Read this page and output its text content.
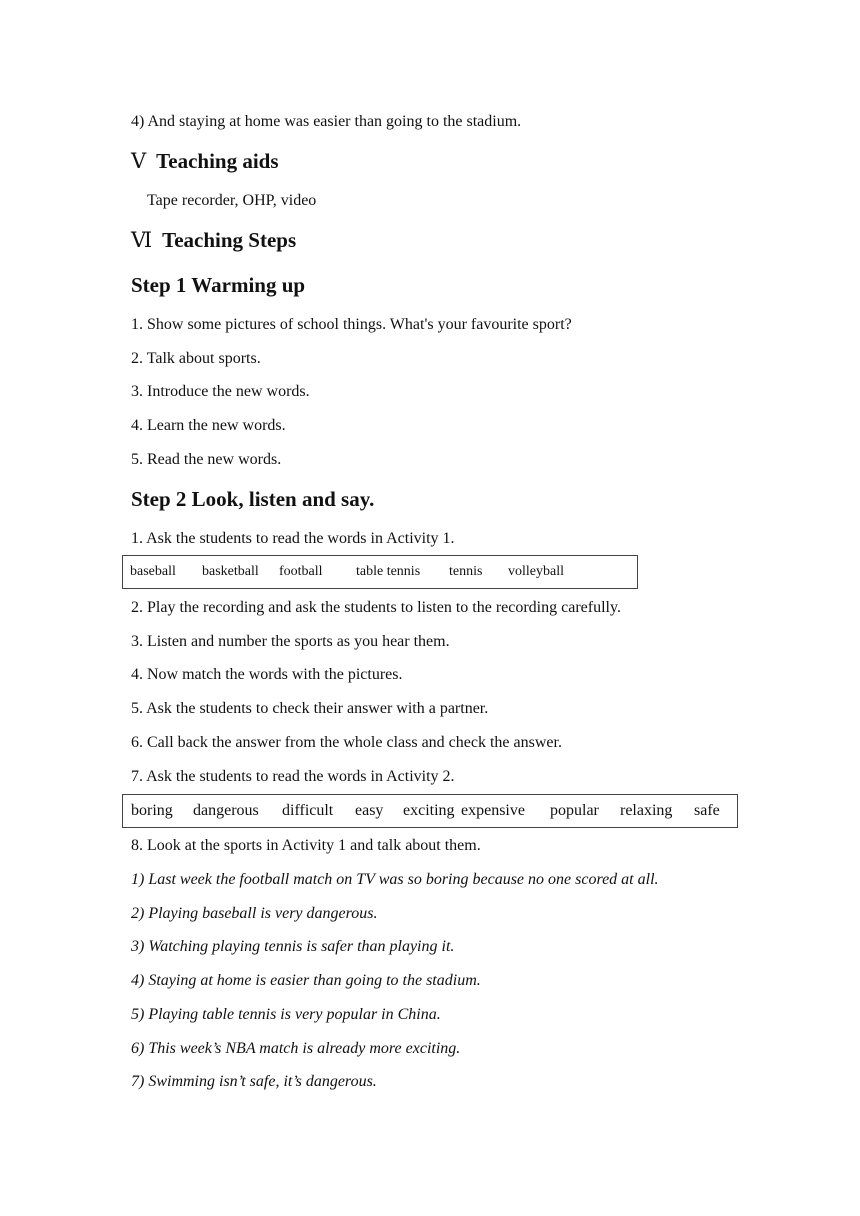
4) And staying at home was easier than going to the stadium.
Ⅴ Teaching aids
Tape recorder, OHP, video
Ⅵ Teaching Steps
Step 1 Warming up
1. Show some pictures of school things. What's your favourite sport?
2. Talk about sports.
3. Introduce the new words.
4. Learn the new words.
5. Read the new words.
Step 2 Look, listen and say.
1. Ask the students to read the words in Activity 1.
baseball basketball football table tennis tennis volleyball
2. Play the recording and ask the students to listen to the recording carefully.
3. Listen and number the sports as you hear them.
4. Now match the words with the pictures.
5. Ask the students to check their answer with a partner.
6. Call back the answer from the whole class and check the answer.
7. Ask the students to read the words in Activity 2.
boring dangerous difficult easy exciting expensive popular relaxing safe
8. Look at the sports in Activity 1 and talk about them.
1) Last week the football match on TV was so boring because no one scored at all.
2) Playing baseball is very dangerous.
3) Watching playing tennis is safer than playing it.
4) Staying at home is easier than going to the stadium.
5) Playing table tennis is very popular in China.
6) This week’s NBA match is already more exciting.
7) Swimming isn’t safe, it’s dangerous.
